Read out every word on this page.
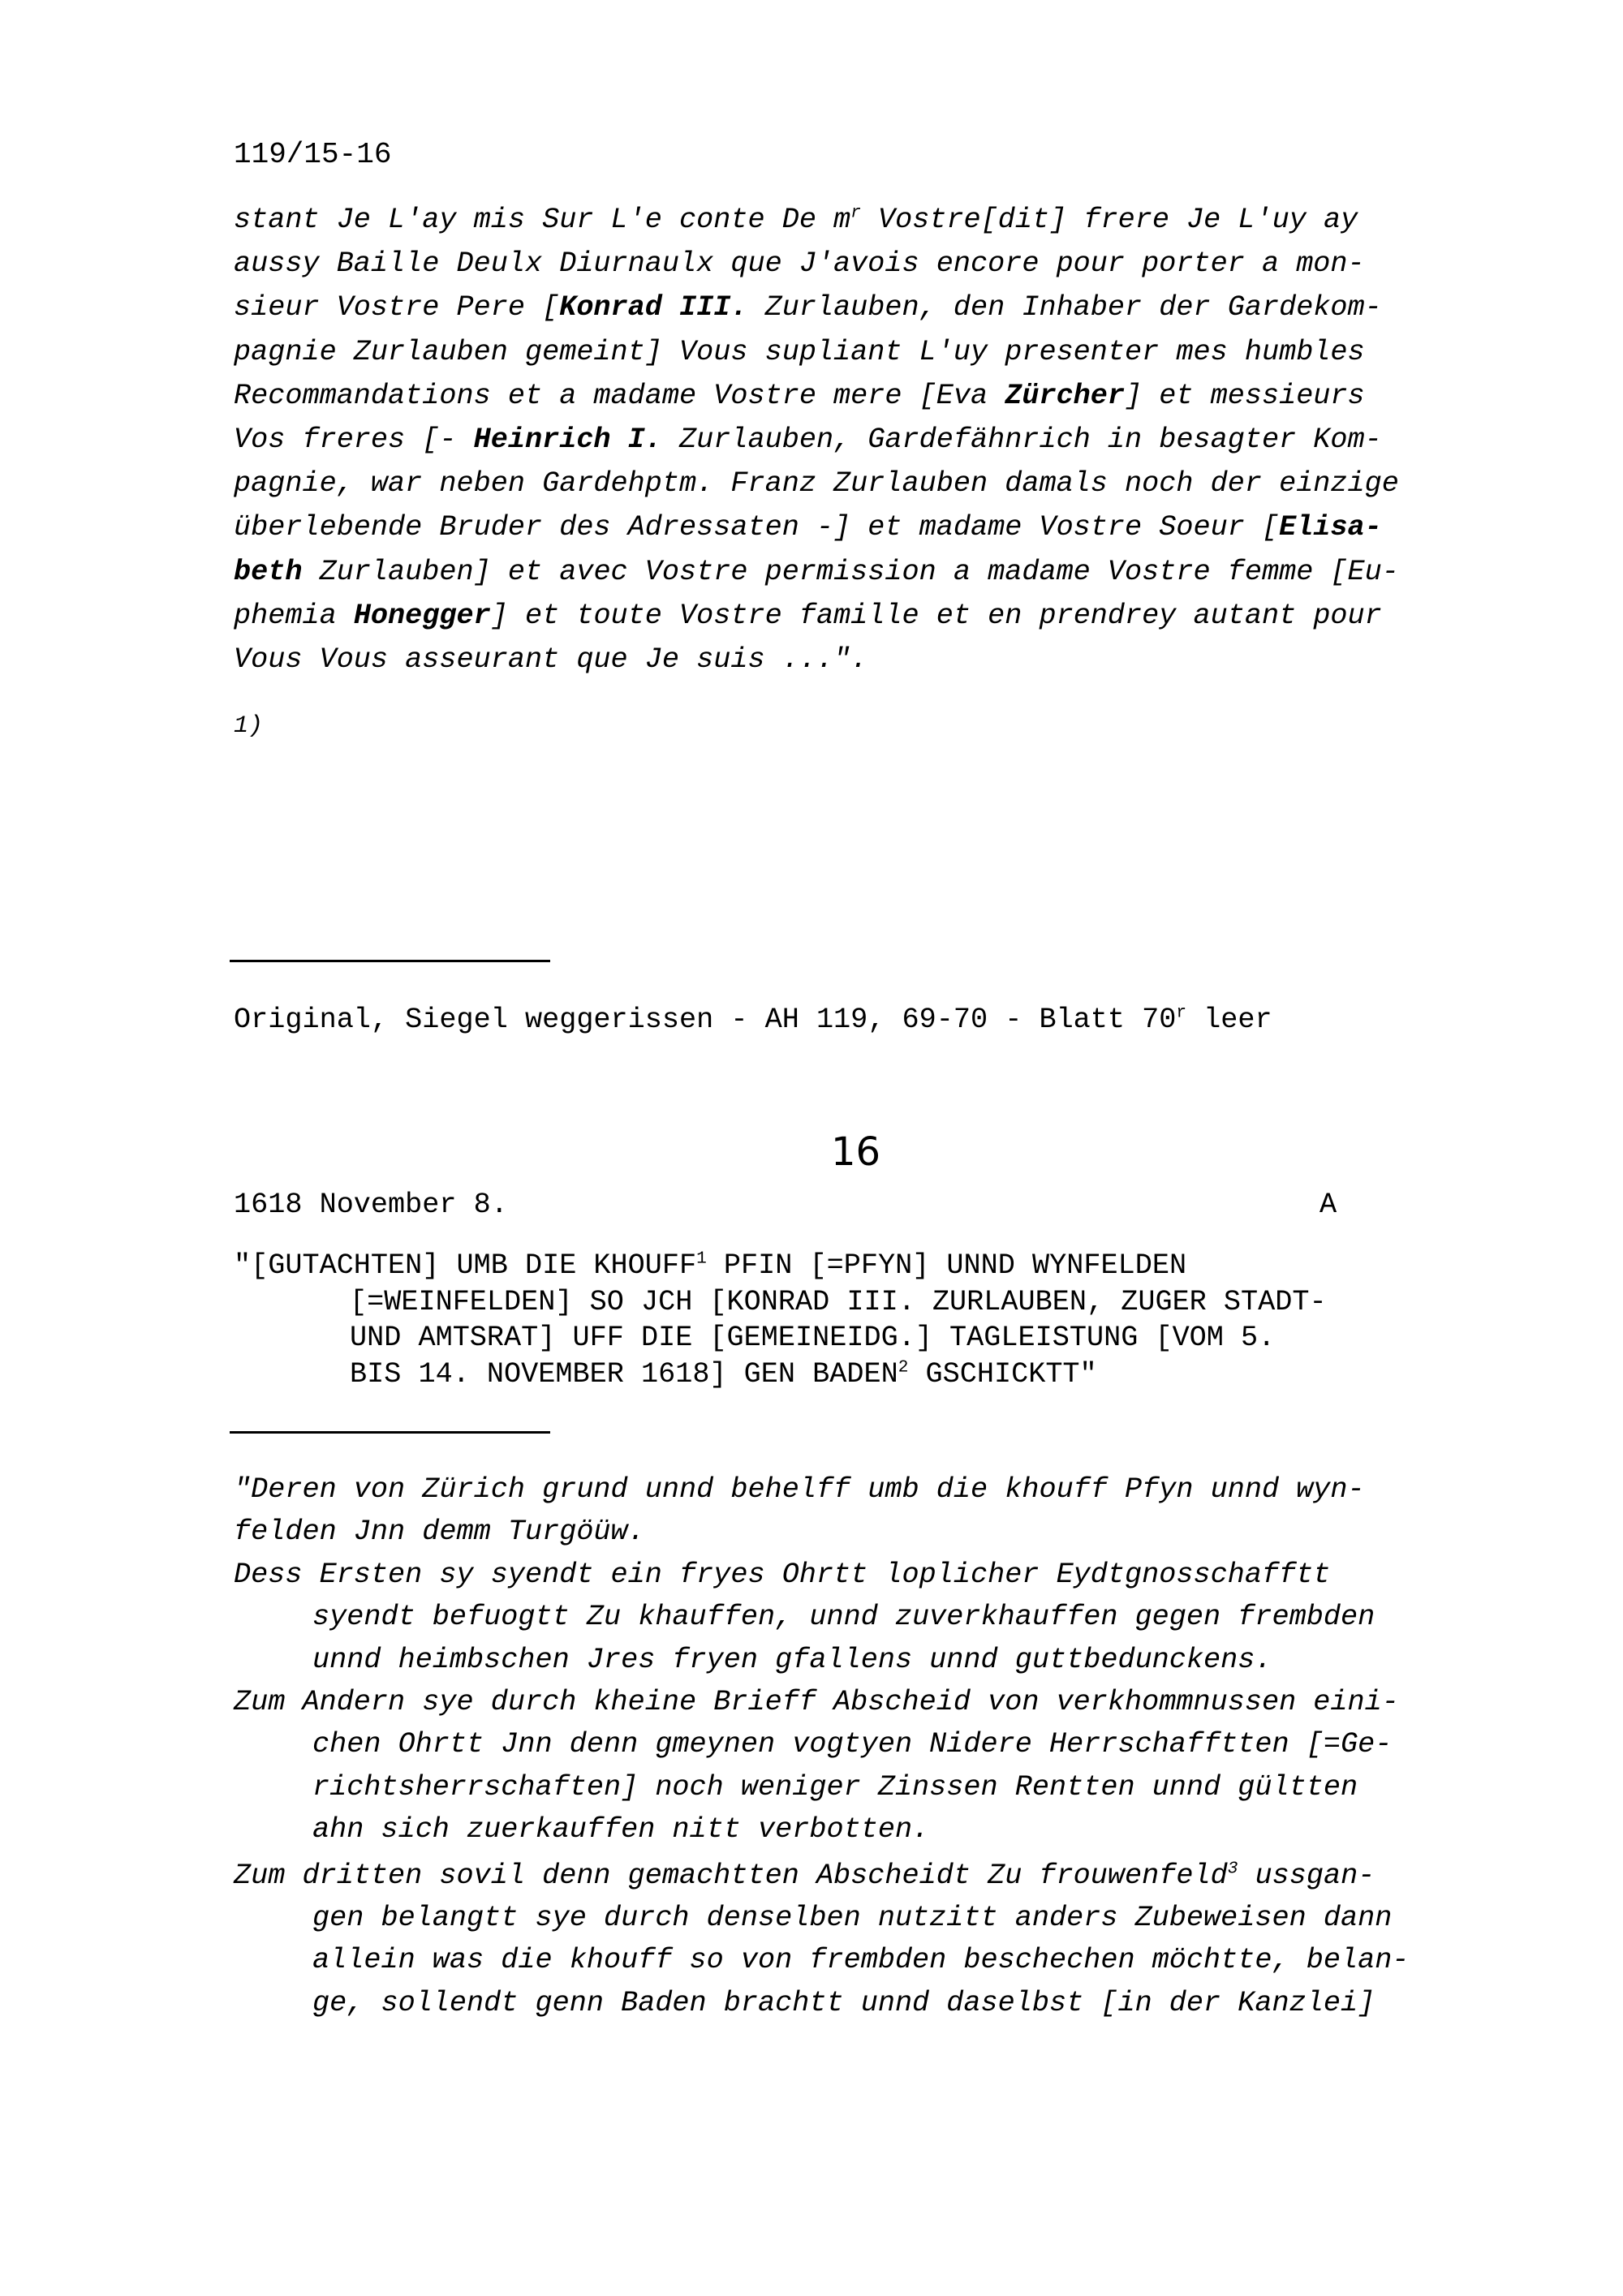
119/15-16
stant Je L'ay mis Sur L'e conte De $m^r$ Vostre[dit] frere Je L'uy ay
aussy Baille Deulx Diurnaulx que J'avois encore pour porter a mon-
sieur Vostre Pere [Konrad III. Zurlauben, den Inhaber der Gardekom-
pagnie Zurlauben gemeint] Vous supliant L'uy presenter mes humbles
Recommandations et a madame Vostre mere [Eva Zürcher] et messieurs
Vos freres [- Heinrich I. Zurlauben, Gardefähnrich in besagter Kom-
pagnie, war neben Gardehptm. Franz Zurlauben damals noch der einzige
überlebende Bruder des Adressaten -] et madame Vostre Soeur [Elisa-
beth Zurlauben] et avec Vostre permission a madame Vostre femme [Eu-
phemia Honegger] et toute Vostre famille et en prendrey autant pour
Vous Vous asseurant que Je suis ...".
1)
Original, Siegel weggerissen - AH 119, 69-70 - Blatt 70$^r$ leer
16
1618 November 8.	A
"[GUTACHTEN] UMB DIE KHOUFF$^1$ PFIN [=PFYN] UNND WYNFELDEN
[=WEINFELDEN] SO JCH [KONRAD III. ZURLAUBEN, ZUGER STADT-
UND AMTSRAT] UFF DIE [GEMEINEIDG.] TAGLEISTUNG [VOM 5.
BIS 14. NOVEMBER 1618] GEN BADEN$^2$ GSCHICKTT"
"Deren von Zürich grund unnd behelff umb die khouff Pfyn unnd wyn-
felden Jnn demm Turgöüw.
Dess Ersten sy syendt ein fryes Ohrtt loplicher Eydtgnosschafftt
syendt befuogtt Zu khauffen, unnd zuverkhauffen gegen frembden
unnd heimbschen Jres fryen gfallens unnd guttbedunckens.
Zum Andern sye durch kheine Brieff Abscheid von verkhommnussen eini-
chen Ohrtt Jnn denn gmeynen vogtyen Nidere Herrschafftten [=Ge-
richtsherrschaften] noch weniger Zinssen Rentten unnd gültten
ahn sich zuerkauffen nitt verbotten.
Zum dritten sovil denn gemachtten Abscheidt Zu frouwenfeld$^3$ ussgan-
gen belangtt sye durch denselben nutzitt anders Zubeweisen dann
allein was die khouff so von frembden beschechen möchtte, belan-
ge, sollendt genn Baden brachtt unnd daselbst [in der Kanzlei]
